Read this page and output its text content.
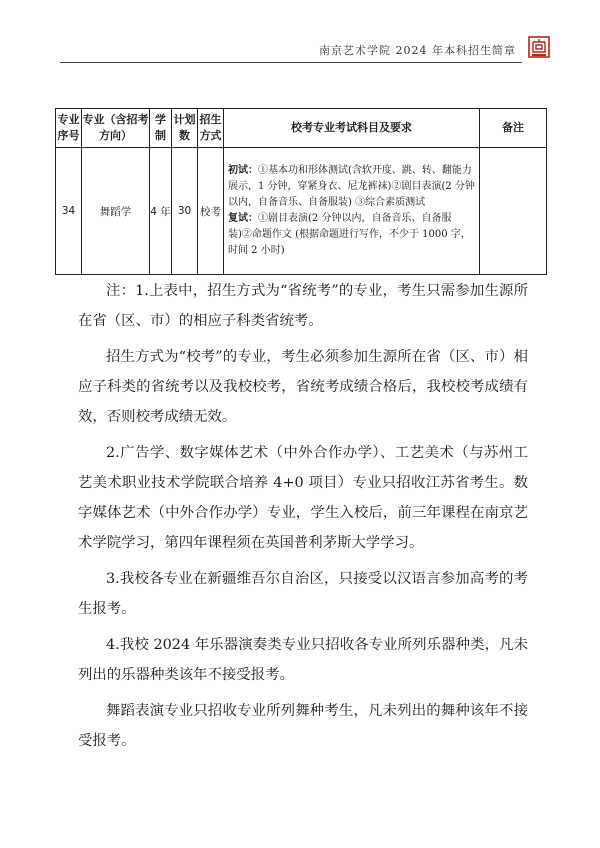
南京艺术学院 2024 年本科招生简章
专业序号	专业（含招考方向）	学制	计划数	招生方式	校考专业考试科目及要求	备注
34	舞蹈学	4 年	30	校考	初试：①基本功和形体测试(含软开度、跳、转、翻能力展示，1 分钟，穿紧身衣、尼龙裤袜)②剧目表演(2 分钟以内，自备音乐、自备服装) ③综合素质测试
复试：①剧目表演(2 分钟以内，自备音乐、自备服装)②命题作文 (根据命题进行写作，不少于 1000 字，时间 2 小时)	

注：1.上表中，招生方式为“省统考”的专业，考生只需参加生源所在省（区、市）的相应子科类省统考。

招生方式为“校考”的专业，考生必须参加生源所在省（区、市）相应子科类的省统考以及我校校考，省统考成绩合格后，我校校考成绩有效，否则校考成绩无效。

2.广告学、数字媒体艺术（中外合作办学）、工艺美术（与苏州工艺美术职业技术学院联合培养 4+0 项目）专业只招收江苏省考生。数字媒体艺术（中外合作办学）专业，学生入校后，前三年课程在南京艺术学院学习，第四年课程须在英国普利茅斯大学学习。

3.我校各专业在新疆维吾尔自治区，只接受以汉语言参加高考的考生报考。

4.我校 2024 年乐器演奏类专业只招收各专业所列乐器种类，凡未列出的乐器种类该年不接受报考。

舞蹈表演专业只招收专业所列舞种考生，凡未列出的舞种该年不接受报考。
